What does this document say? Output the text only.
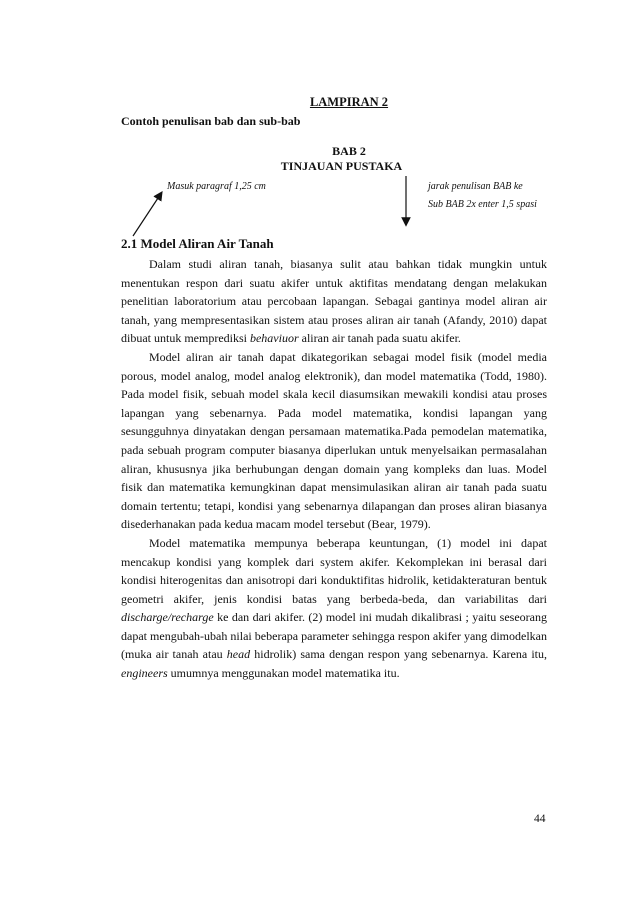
LAMPIRAN 2
Contoh penulisan bab dan sub-bab
BAB 2
TINJAUAN PUSTAKA
Masuk paragraf 1,25 cm	jarak penulisan BAB ke
Sub BAB 2x enter 1,5 spasi
2.1 Model Aliran Air Tanah

Dalam studi aliran tanah, biasanya sulit atau bahkan tidak mungkin untuk menentukan respon dari suatu akifer untuk aktifitas mendatang dengan melakukan penelitian laboratorium atau percobaan lapangan. Sebagai gantinya model aliran air tanah, yang mempresentasikan sistem atau proses aliran air tanah (Afandy, 2010) dapat dibuat untuk memprediksi behaviuor aliran air tanah pada suatu akifer.

Model aliran air tanah dapat dikategorikan sebagai model fisik (model media porous, model analog, model analog elektronik), dan model matematika (Todd, 1980). Pada model fisik, sebuah model skala kecil diasumsikan mewakili kondisi atau proses lapangan yang sebenarnya. Pada model matematika, kondisi lapangan yang sesungguhnya dinyatakan dengan persamaan matematika.Pada pemodelan matematika, pada sebuah program computer biasanya diperlukan untuk menyelsaikan permasalahan aliran, khususnya jika berhubungan dengan domain yang kompleks dan luas. Model fisik dan matematika kemungkinan dapat mensimulasikan aliran air tanah pada suatu domain tertentu; tetapi, kondisi yang sebenarnya dilapangan dan proses aliran biasanya disederhanakan pada kedua macam model tersebut (Bear, 1979).

Model matematika mempunya beberapa keuntungan, (1) model ini dapat mencakup kondisi yang komplek dari system akifer. Kekomplekan ini berasal dari kondisi hiterogenitas dan anisotropi dari konduktifitas hidrolik, ketidakteraturan bentuk geometri akifer, jenis kondisi batas yang berbeda-beda, dan variabilitas dari discharge/recharge ke dan dari akifer. (2) model ini mudah dikalibrasi ; yaitu seseorang dapat mengubah-ubah nilai beberapa parameter sehingga respon akifer yang dimodelkan (muka air tanah atau head hidrolik) sama dengan respon yang sebenarnya. Karena itu, engineers umumnya menggunakan model matematika itu.

44
